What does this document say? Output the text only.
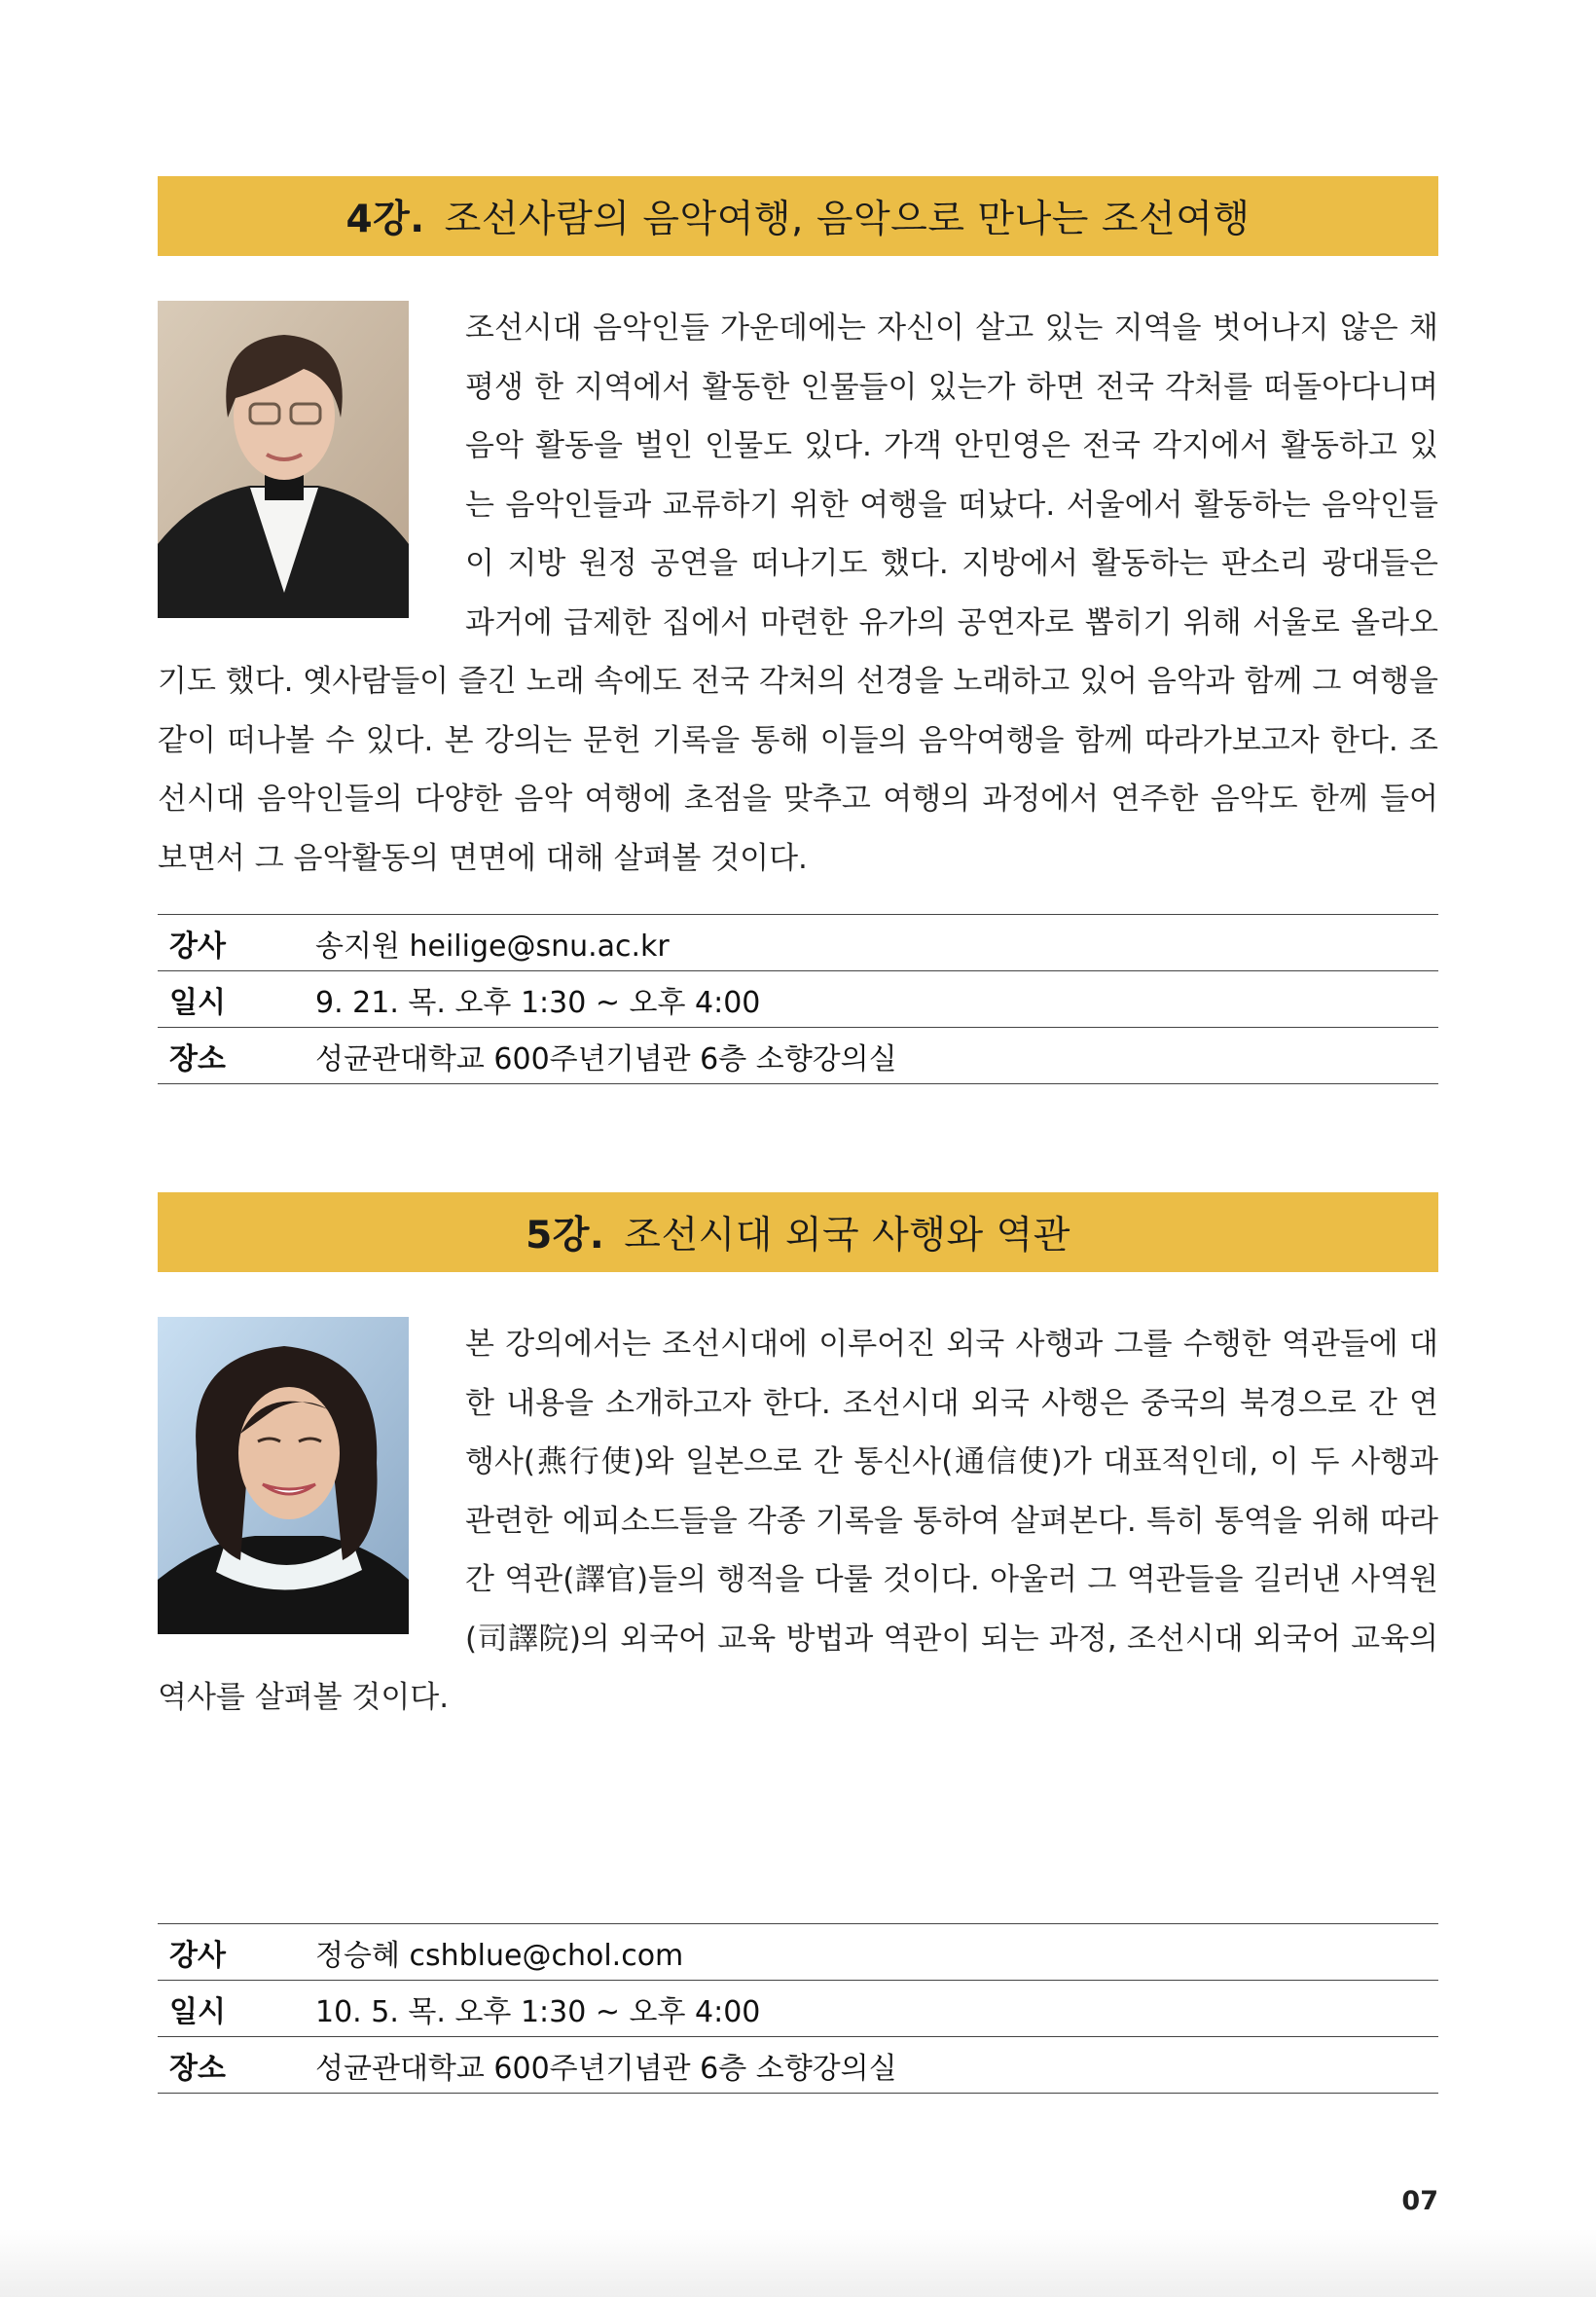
4강. 조선사람의 음악여행, 음악으로 만나는 조선여행

조선시대 음악인들 가운데에는 자신이 살고 있는 지역을 벗어나지 않은 채 평생 한 지역에서 활동한 인물들이 있는가 하면 전국 각처를 떠돌아다니며 음악 활동을 벌인 인물도 있다. 가객 안민영은 전국 각지에서 활동하고 있는 음악인들과 교류하기 위한 여행을 떠났다. 서울에서 활동하는 음악인들이 지방 원정 공연을 떠나기도 했다. 지방에서 활동하는 판소리 광대들은 과거에 급제한 집에서 마련한 유가의 공연자로 뽑히기 위해 서울로 올라오기도 했다. 옛사람들이 즐긴 노래 속에도 전국 각처의 선경을 노래하고 있어 음악과 함께 그 여행을 같이 떠나볼 수 있다. 본 강의는 문헌 기록을 통해 이들의 음악여행을 함께 따라가보고자 한다. 조선시대 음악인들의 다양한 음악 여행에 초점을 맞추고 여행의 과정에서 연주한 음악도 한께 들어보면서 그 음악활동의 면면에 대해 살펴볼 것이다.

강사	송지원 heilige@snu.ac.kr
일시	9. 21. 목. 오후 1:30 ~ 오후 4:00
장소	성균관대학교 600주년기념관 6층 소향강의실
5강. 조선시대 외국 사행와 역관

본 강의에서는 조선시대에 이루어진 외국 사행과 그를 수행한 역관들에 대한 내용을 소개하고자 한다. 조선시대 외국 사행은 중국의 북경으로 간 연행사(燕行使)와 일본으로 간 통신사(通信使)가 대표적인데, 이 두 사행과 관련한 에피소드들을 각종 기록을 통하여 살펴본다. 특히 통역을 위해 따라간 역관(譯官)들의 행적을 다룰 것이다. 아울러 그 역관들을 길러낸 사역원(司譯院)의 외국어 교육 방법과 역관이 되는 과정, 조선시대 외국어 교육의 역사를 살펴볼 것이다.

강사	정승혜 cshblue@chol.com
일시	10. 5. 목. 오후 1:30 ~ 오후 4:00
장소	성균관대학교 600주년기념관 6층 소향강의실
07
